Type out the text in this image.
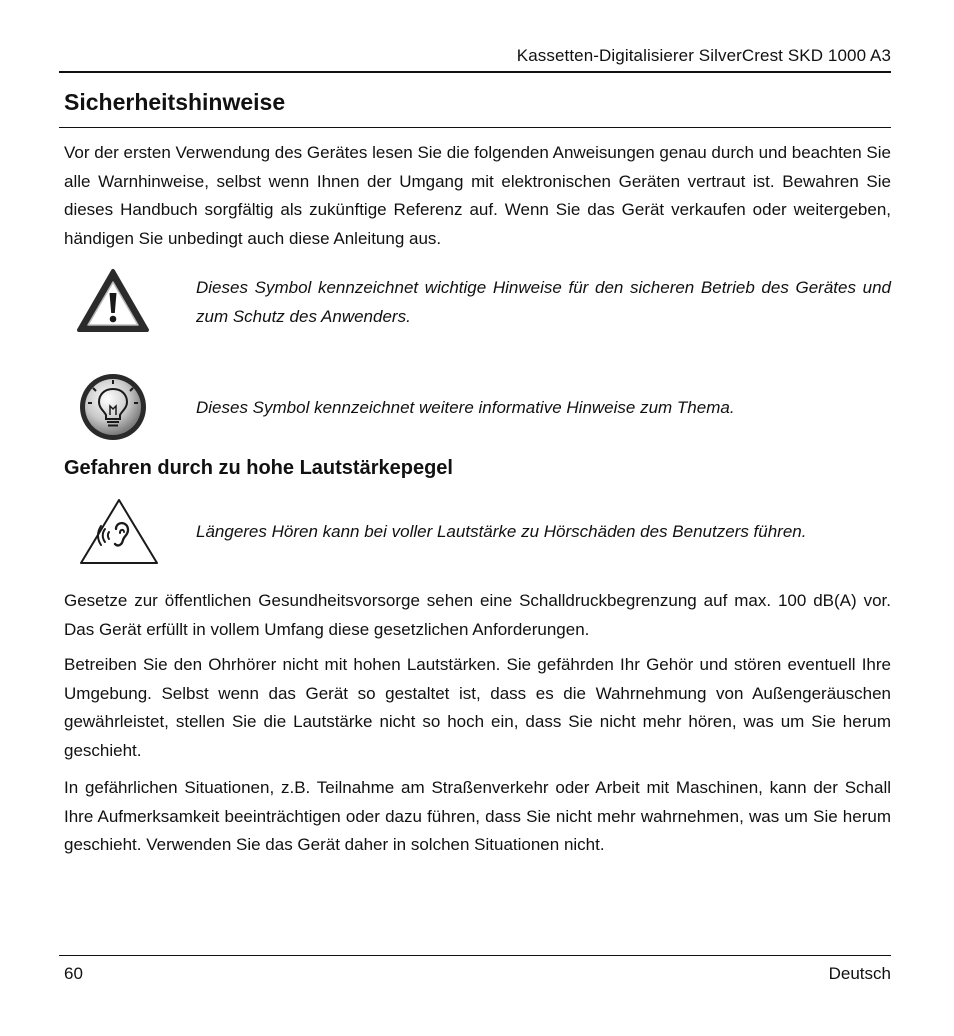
Kassetten-Digitalisierer SilverCrest SKD 1000 A3
Sicherheitshinweise

Vor der ersten Verwendung des Gerätes lesen Sie die folgenden Anweisungen genau durch und beachten Sie alle Warnhinweise, selbst wenn Ihnen der Umgang mit elektronischen Geräten vertraut ist. Bewahren Sie dieses Handbuch sorgfältig als zukünftige Referenz auf. Wenn Sie das Gerät verkaufen oder weitergeben, händigen Sie unbedingt auch diese Anleitung aus.

Dieses Symbol kennzeichnet wichtige Hinweise für den sicheren Betrieb des Gerätes und zum Schutz des Anwenders.

Dieses Symbol kennzeichnet weitere informative Hinweise zum Thema.

Gefahren durch zu hohe Lautstärkepegel

Längeres Hören kann bei voller Lautstärke zu Hörschäden des Benutzers führen.

Gesetze zur öffentlichen Gesundheitsvorsorge sehen eine Schalldruckbegrenzung auf max. 100 dB(A) vor. Das Gerät erfüllt in vollem Umfang diese gesetzlichen Anforderungen.

Betreiben Sie den Ohrhörer nicht mit hohen Lautstärken. Sie gefährden Ihr Gehör und stören eventuell Ihre Umgebung. Selbst wenn das Gerät so gestaltet ist, dass es die Wahrnehmung von Außengeräuschen gewährleistet, stellen Sie die Lautstärke nicht so hoch ein, dass Sie nicht mehr hören, was um Sie herum geschieht.

In gefährlichen Situationen, z.B. Teilnahme am Straßenverkehr oder Arbeit mit Maschinen, kann der Schall Ihre Aufmerksamkeit beeinträchtigen oder dazu führen, dass Sie nicht mehr wahrnehmen, was um Sie herum geschieht. Verwenden Sie das Gerät daher in solchen Situationen nicht.

60	Deutsch
